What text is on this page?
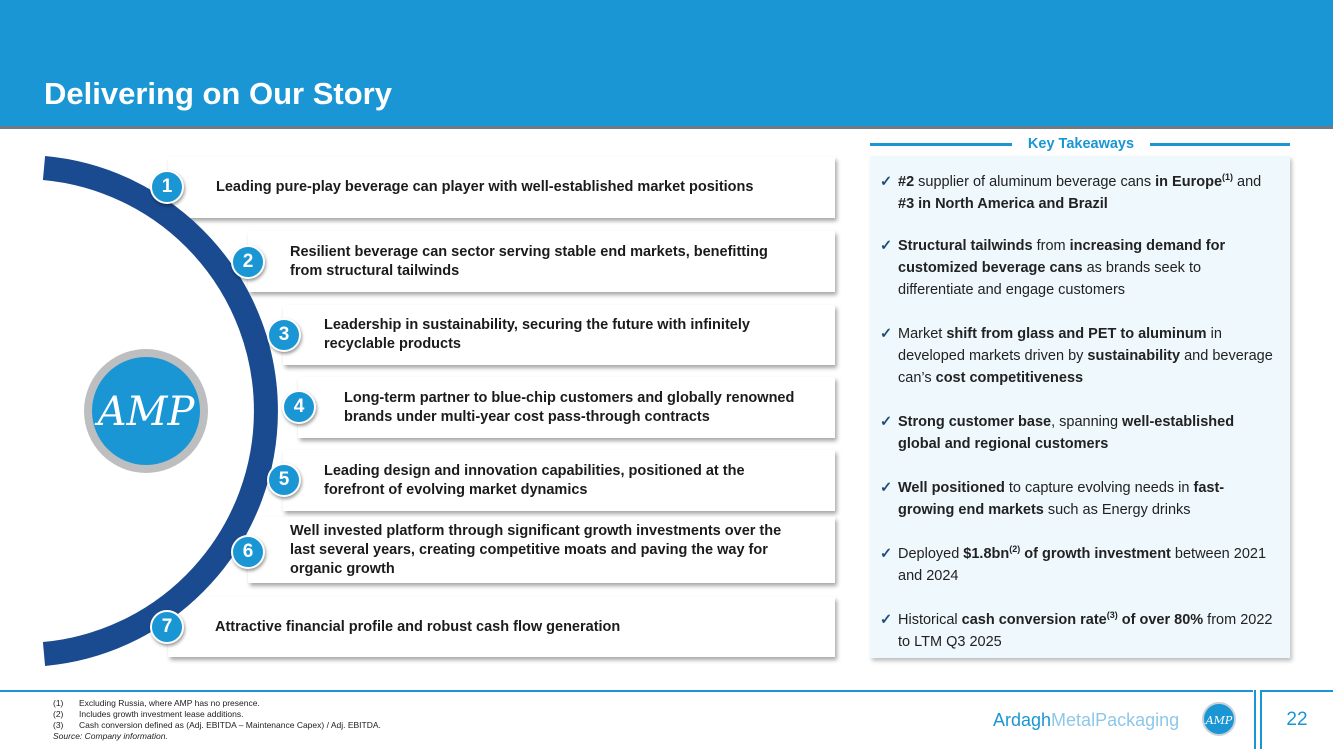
Delivering on Our Story
Leading pure-play beverage can player with well-established market positions
Resilient beverage can sector serving stable end markets, benefitting from structural tailwinds
Leadership in sustainability, securing the future with infinitely recyclable products
Long-term partner to blue-chip customers and globally renowned brands under multi-year cost pass-through contracts
Leading design and innovation capabilities, positioned at the forefront of evolving market dynamics
Well invested platform through significant growth investments over the last several years, creating competitive moats and paving the way for organic growth
Attractive financial profile and robust cash flow generation
1
2
3
4
5
6
7
AMP
Key Takeaways
✓ #2 supplier of aluminum beverage cans in Europe$^{(1)}$ and #3 in North America and Brazil
✓ Structural tailwinds from increasing demand for customized beverage cans as brands seek to differentiate and engage customers
✓ Market shift from glass and PET to aluminum in developed markets driven by sustainability and beverage can’s cost competitiveness
✓ Strong customer base, spanning well-established global and regional customers
✓ Well positioned to capture evolving needs in fast-growing end markets such as Energy drinks
✓ Deployed $\$1.8bn^{(2)}$ of growth investment between 2021 and 2024
✓ Historical cash conversion rate$^{(3)}$ of over 80% from 2022 to LTM Q3 2025
(1)	Excluding Russia, where AMP has no presence.
(2)	Includes growth investment lease additions.
(3)	Cash conversion defined as (Adj. EBITDA – Maintenance Capex) / Adj. EBITDA.
Source: Company information.
ArdaghMetalPackaging AMP	22
